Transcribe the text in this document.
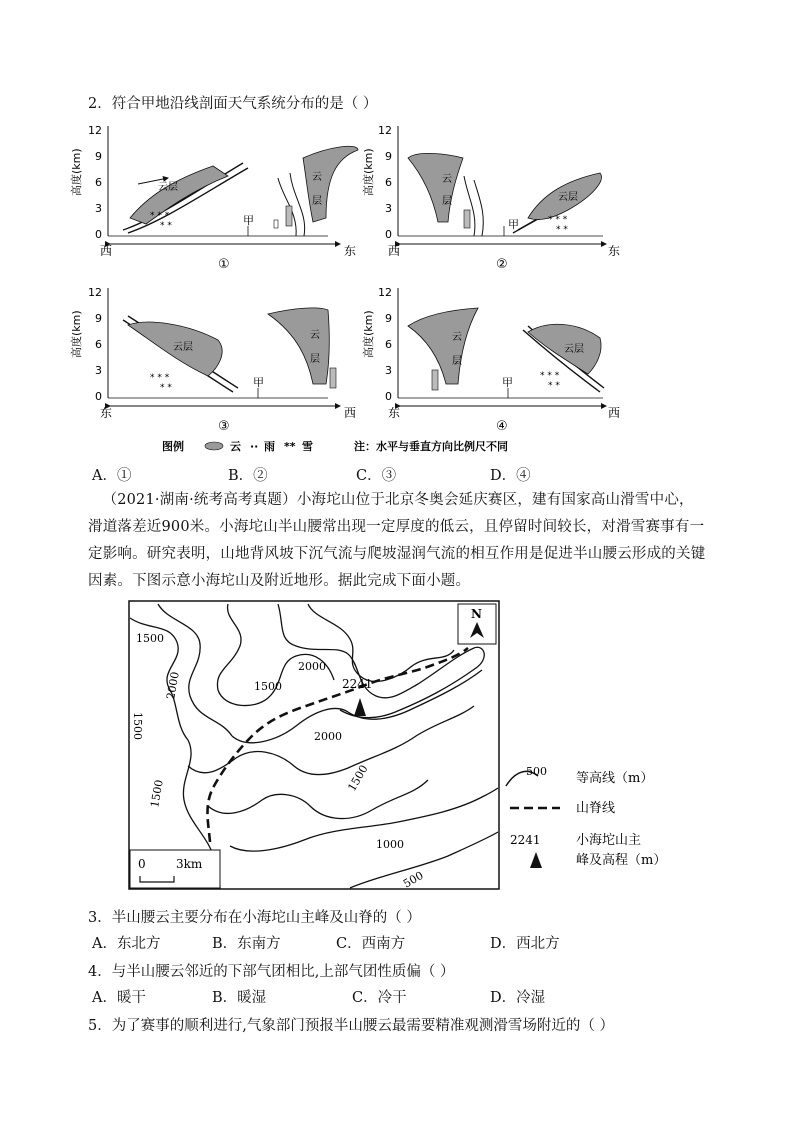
2．符合甲地沿线剖面天气系统分布的是（ ）
12
9
6
3
0
高度(km)
西	东
云层
* * *
* *
云
层
甲
①
12
9
6
3
0
高度(km)
西	东
云
层
甲
云层
* * *
* *
②
12
9
6
3
0
高度(km)
东	西
云层
* * *
* *	甲
云
层
③
12
9
6
3
0
高度(km)
东	西
云
层
甲
云层
* * *
* *
④
图例	云 ·· 雨 ** 雪	注：水平与垂直方向比例尺不同
A．①	B．②	C．③	D．④
（2021·湖南·统考高考真题）小海坨山位于北京冬奥会延庆赛区，建有国家高山滑雪中心，滑道落差近900米。小海坨山半山腰常出现一定厚度的低云，且停留时间较长，对滑雪赛事有一定影响。研究表明，山地背风坡下沉气流与爬坡湿润气流的相互作用是促进半山腰云形成的关键因素。下图示意小海坨山及附近地形。据此完成下面小题。
N
1500
2000
1500
2000
1500	2000
1500
1000
500
1500
2241
0	3km
500 等高线（m）
山脊线
2241	小海坨山主
峰及高程（m）
3．半山腰云主要分布在小海坨山主峰及山脊的（ ）
A．东北方	B．东南方	C．西南方	D．西北方
4．与半山腰云邻近的下部气团相比,上部气团性质偏（ ）
A．暖干	B．暖湿	C．冷干	D．冷湿
5．为了赛事的顺利进行,气象部门预报半山腰云最需要精准观测滑雪场附近的（ ）
